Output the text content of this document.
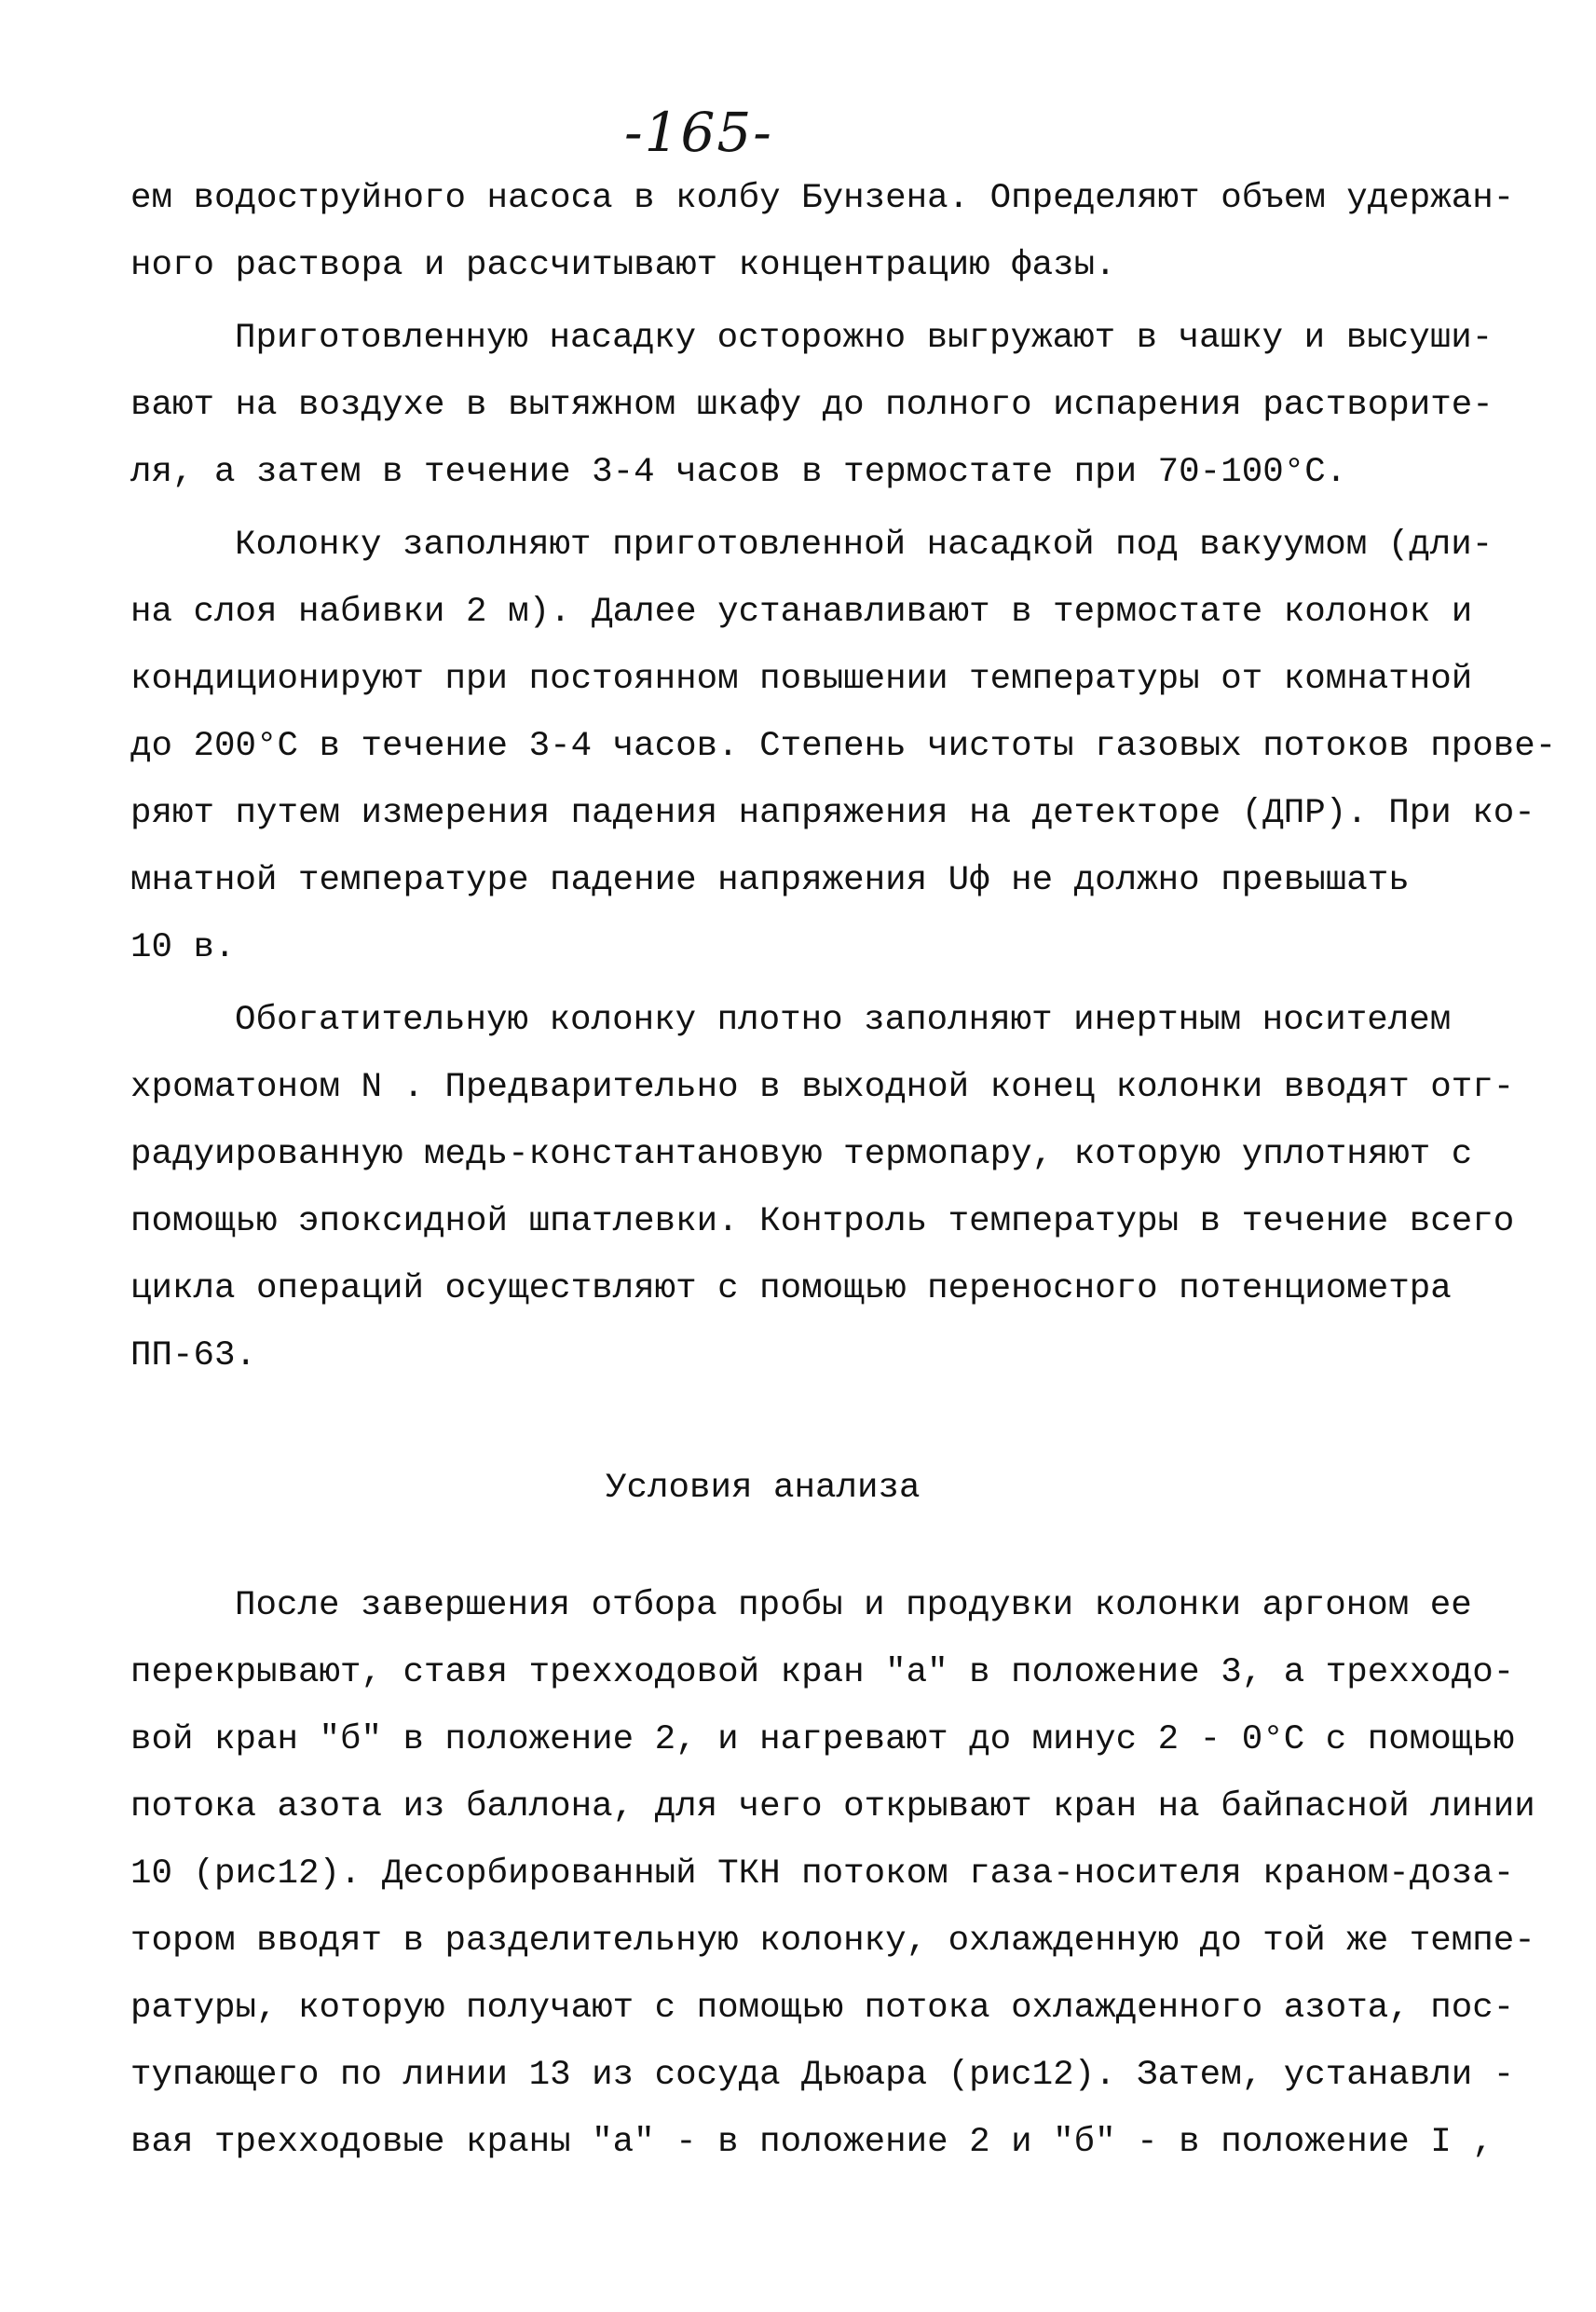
-165-
ем водоструйного насоса в колбу Бунзена. Определяют объем удержан-
ного раствора и рассчитывают концентрацию фазы.
Приготовленную насадку осторожно выгружают в чашку и высуши-
вают на воздухе в вытяжном шкафу до полного испарения растворите-
ля, а затем в течение 3-4 часов в термостате при 70-100°С.
Колонку заполняют приготовленной насадкой под вакуумом (дли-
на слоя набивки 2 м). Далее устанавливают в термостате колонок и
кондиционируют при постоянном повышении температуры от комнатной
до 200°С в течение 3-4 часов. Степень чистоты газовых потоков прове-
ряют путем измерения падения напряжения на детекторе (ДПР). При ко-
мнатной температуре падение напряжения Uф не должно превышать
10 в.
Обогатительную колонку плотно заполняют инертным носителем
хроматоном N . Предварительно в выходной конец колонки вводят отг-
радуированную медь-константановую термопару, которую уплотняют с
помощью эпоксидной шпатлевки. Контроль температуры в течение всего
цикла операций осуществляют с помощью переносного потенциометра
ПП-63.
Условия анализа
После завершения отбора пробы и продувки колонки аргоном ее
перекрывают, ставя трехходовой кран "а" в положение 3, а трехходо-
вой кран "б" в положение 2, и нагревают до минус 2 - 0°С с помощью
потока азота из баллона, для чего открывают кран на байпасной линии
10 (рис12). Десорбированный ТКН потоком газа-носителя краном-доза-
тором вводят в разделительную колонку, охлажденную до той же темпе-
ратуры, которую получают с помощью потока охлажденного азота, пос-
тупающего по линии 13 из сосуда Дьюара (рис12). Затем, устанавли -
вая трехходовые краны "а" - в положение 2 и "б" - в положение I ,
